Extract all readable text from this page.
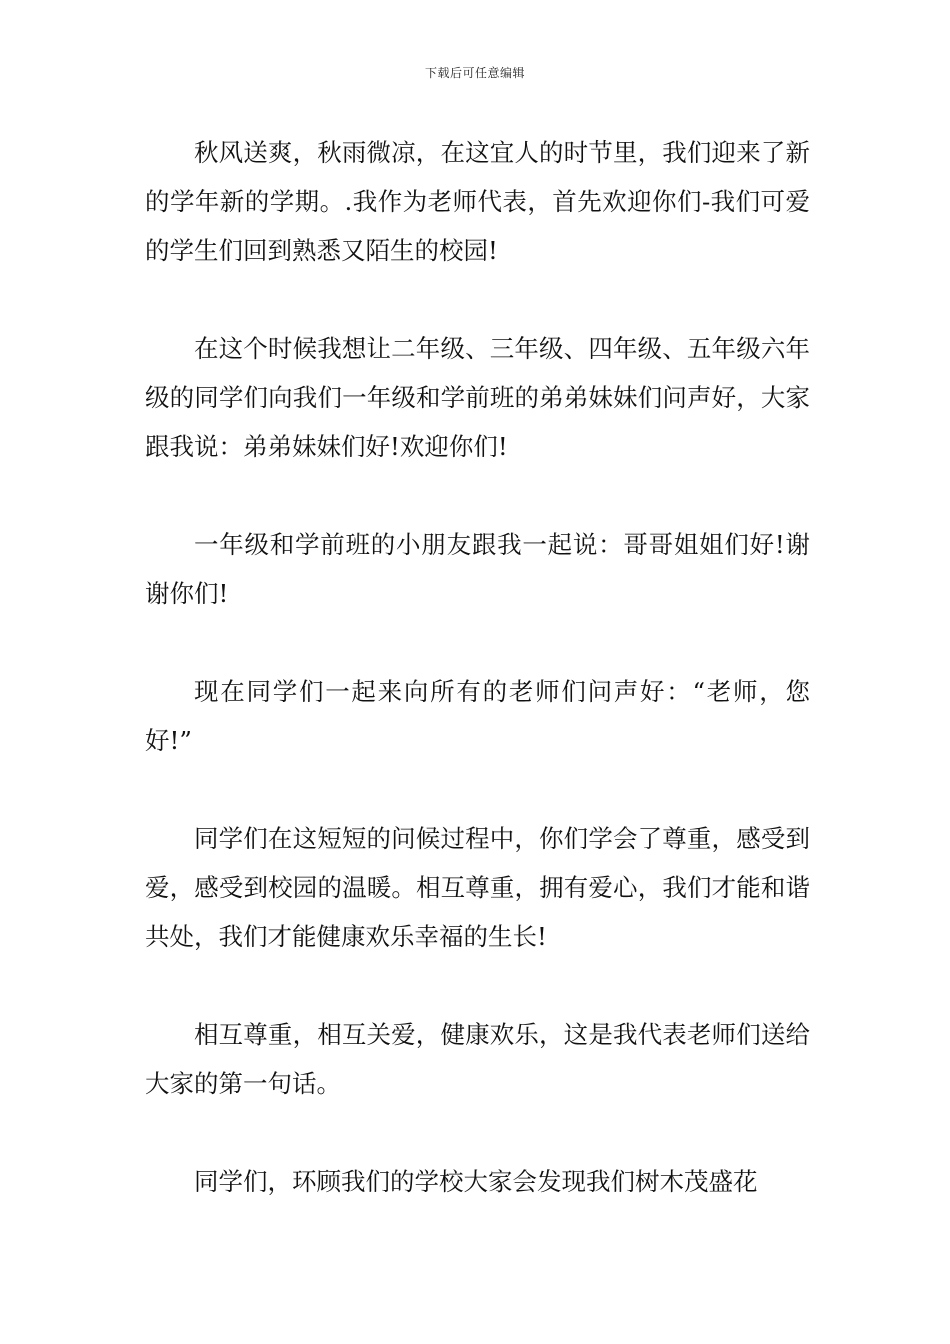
下载后可任意编辑

秋风送爽，秋雨微凉，在这宜人的时节里，我们迎来了新的学年新的学期。.我作为老师代表，首先欢迎你们-我们可爱的学生们回到熟悉又陌生的校园!

在这个时候我想让二年级、三年级、四年级、五年级六年级的同学们向我们一年级和学前班的弟弟妹妹们问声好，大家跟我说：弟弟妹妹们好!欢迎你们!

一年级和学前班的小朋友跟我一起说：哥哥姐姐们好!谢谢你们!

现在同学们一起来向所有的老师们问声好：“老师，您好!”

同学们在这短短的问候过程中，你们学会了尊重，感受到爱，感受到校园的温暖。相互尊重，拥有爱心，我们才能和谐共处，我们才能健康欢乐幸福的生长!

相互尊重，相互关爱，健康欢乐，这是我代表老师们送给大家的第一句话。

同学们，环顾我们的学校大家会发现我们树木茂盛花
